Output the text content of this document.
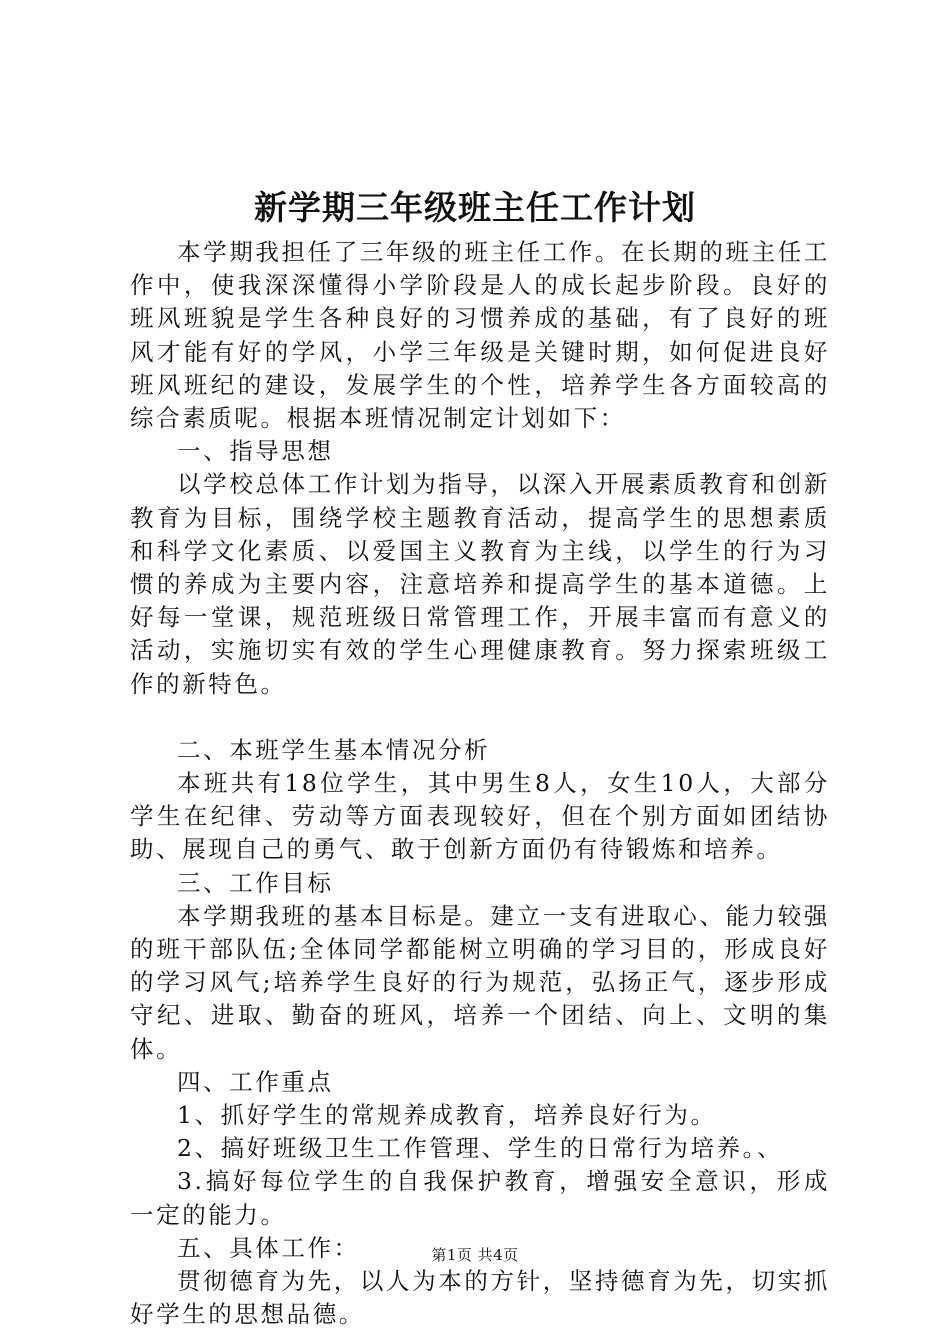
新学期三年级班主任工作计划

本学期我担任了三年级的班主任工作。在长期的班主任工作中，使我深深懂得小学阶段是人的成长起步阶段。良好的班风班貌是学生各种良好的习惯养成的基础，有了良好的班风才能有好的学风，小学三年级是关键时期，如何促进良好班风班纪的建设，发展学生的个性，培养学生各方面较高的综合素质呢。根据本班情况制定计划如下：

一、指导思想

以学校总体工作计划为指导，以深入开展素质教育和创新教育为目标，围绕学校主题教育活动，提高学生的思想素质和科学文化素质、以爱国主义教育为主线，以学生的行为习惯的养成为主要内容，注意培养和提高学生的基本道德。上好每一堂课，规范班级日常管理工作，开展丰富而有意义的活动，实施切实有效的学生心理健康教育。努力探索班级工作的新特色。

二、本班学生基本情况分析

本班共有18位学生，其中男生8人，女生10人，大部分学生在纪律、劳动等方面表现较好，但在个别方面如团结协助、展现自己的勇气、敢于创新方面仍有待锻炼和培养。

三、工作目标

本学期我班的基本目标是。建立一支有进取心、能力较强的班干部队伍;全体同学都能树立明确的学习目的，形成良好的学习风气;培养学生良好的行为规范，弘扬正气，逐步形成守纪、进取、勤奋的班风，培养一个团结、向上、文明的集体。

四、工作重点

1、抓好学生的常规养成教育，培养良好行为。

2、搞好班级卫生工作管理、学生的日常行为培养。、

3.搞好每位学生的自我保护教育，增强安全意识，形成一定的能力。

五、具体工作：

贯彻德育为先，以人为本的方针，坚持德育为先，切实抓好学生的思想品德。

第1页 共4页
